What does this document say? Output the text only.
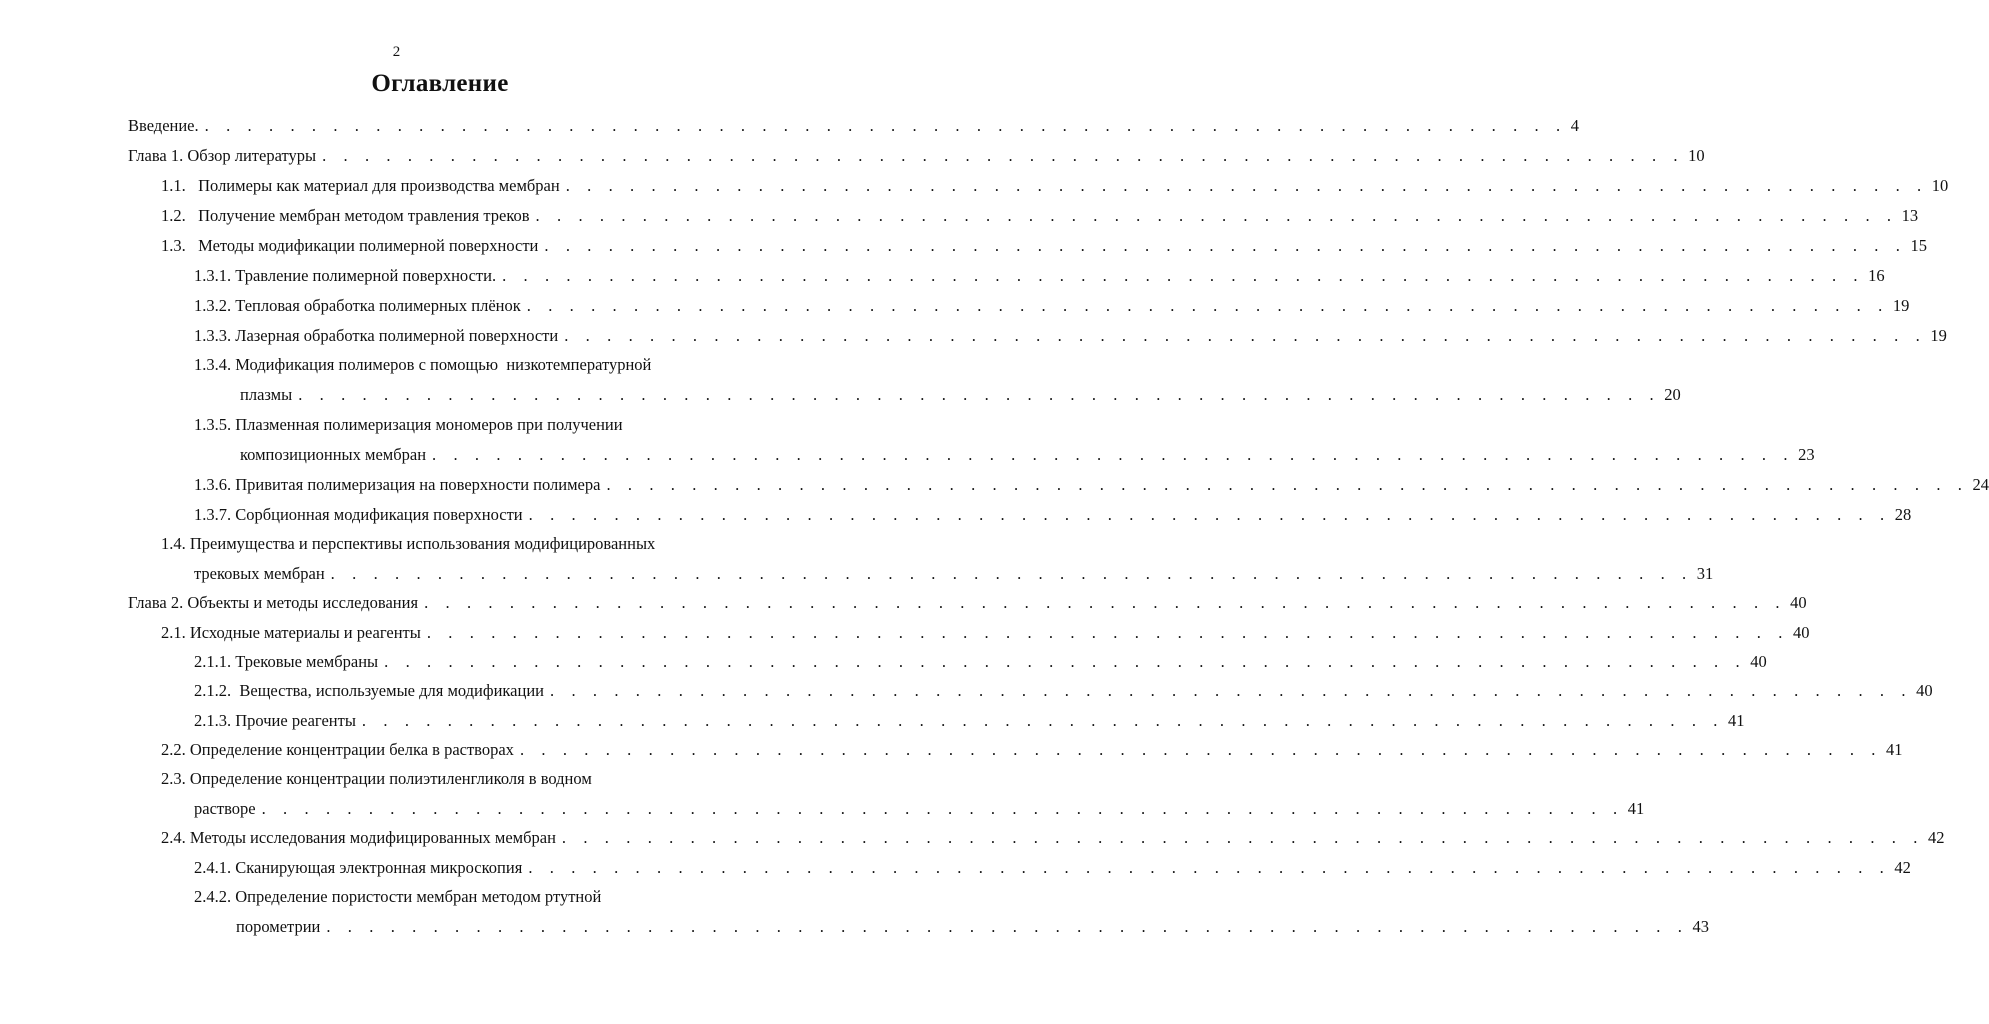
2
Оглавление
Введение. . . . . . . . . . . . . . . . . . . . . . . . . . . . . . . . . . . . . . . . . . . . . . . . . . . . . . . . . . . . . . . . . 4
Глава 1. Обзор литературы . . . . . . . . . . . . . . . . . . . . . . . . . . . . . . . . . . . . . . . . . . . . . . . . . . . . . . . . . . . . . . . . 10
1.1.   Полимеры как материал для производства мембран . . . . . . . . . . . . . . . . . . . . . . . . . . . . . . . . . . . . . . . . . . . . . . . . . . . . . . . . . . . . . . . . 10
1.2.   Получение мембран методом травления треков . . . . . . . . . . . . . . . . . . . . . . . . . . . . . . . . . . . . . . . . . . . . . . . . . . . . . . . . . . . . . . . . 13
1.3.   Методы модификации полимерной поверхности . . . . . . . . . . . . . . . . . . . . . . . . . . . . . . . . . . . . . . . . . . . . . . . . . . . . . . . . . . . . . . . . 15
1.3.1. Травление полимерной поверхности. . . . . . . . . . . . . . . . . . . . . . . . . . . . . . . . . . . . . . . . . . . . . . . . . . . . . . . . . . . . . . . . . 16
1.3.2. Тепловая обработка полимерных плёнок . . . . . . . . . . . . . . . . . . . . . . . . . . . . . . . . . . . . . . . . . . . . . . . . . . . . . . . . . . . . . . . . 19
1.3.3. Лазерная обработка полимерной поверхности . . . . . . . . . . . . . . . . . . . . . . . . . . . . . . . . . . . . . . . . . . . . . . . . . . . . . . . . . . . . . . . . 19
1.3.4. Модификация полимеров с помощью  низкотемпературной
плазмы . . . . . . . . . . . . . . . . . . . . . . . . . . . . . . . . . . . . . . . . . . . . . . . . . . . . . . . . . . . . . . . . 20
1.3.5. Плазменная полимеризация мономеров при получении
композиционных мембран . . . . . . . . . . . . . . . . . . . . . . . . . . . . . . . . . . . . . . . . . . . . . . . . . . . . . . . . . . . . . . . . 23
1.3.6. Привитая полимеризация на поверхности полимера . . . . . . . . . . . . . . . . . . . . . . . . . . . . . . . . . . . . . . . . . . . . . . . . . . . . . . . . . . . . . . . . 24
1.3.7. Сорбционная модификация поверхности . . . . . . . . . . . . . . . . . . . . . . . . . . . . . . . . . . . . . . . . . . . . . . . . . . . . . . . . . . . . . . . . 28
1.4. Преимущества и перспективы использования модифицированных
трековых мембран . . . . . . . . . . . . . . . . . . . . . . . . . . . . . . . . . . . . . . . . . . . . . . . . . . . . . . . . . . . . . . . . 31
Глава 2. Объекты и методы исследования . . . . . . . . . . . . . . . . . . . . . . . . . . . . . . . . . . . . . . . . . . . . . . . . . . . . . . . . . . . . . . . . 40
2.1. Исходные материалы и реагенты . . . . . . . . . . . . . . . . . . . . . . . . . . . . . . . . . . . . . . . . . . . . . . . . . . . . . . . . . . . . . . . . 40
2.1.1. Трековые мембраны . . . . . . . . . . . . . . . . . . . . . . . . . . . . . . . . . . . . . . . . . . . . . . . . . . . . . . . . . . . . . . . . 40
2.1.2.  Вещества, используемые для модификации . . . . . . . . . . . . . . . . . . . . . . . . . . . . . . . . . . . . . . . . . . . . . . . . . . . . . . . . . . . . . . . . 40
2.1.3. Прочие реагенты . . . . . . . . . . . . . . . . . . . . . . . . . . . . . . . . . . . . . . . . . . . . . . . . . . . . . . . . . . . . . . . . 41
2.2. Определение концентрации белка в растворах . . . . . . . . . . . . . . . . . . . . . . . . . . . . . . . . . . . . . . . . . . . . . . . . . . . . . . . . . . . . . . . . 41
2.3. Определение концентрации полиэтиленгликоля в водном
растворе . . . . . . . . . . . . . . . . . . . . . . . . . . . . . . . . . . . . . . . . . . . . . . . . . . . . . . . . . . . . . . . . 41
2.4. Методы исследования модифицированных мембран . . . . . . . . . . . . . . . . . . . . . . . . . . . . . . . . . . . . . . . . . . . . . . . . . . . . . . . . . . . . . . . . 42
2.4.1. Сканирующая электронная микроскопия . . . . . . . . . . . . . . . . . . . . . . . . . . . . . . . . . . . . . . . . . . . . . . . . . . . . . . . . . . . . . . . . 42
2.4.2. Определение пористости мембран методом ртутной
порометрии . . . . . . . . . . . . . . . . . . . . . . . . . . . . . . . . . . . . . . . . . . . . . . . . . . . . . . . . . . . . . . . . 43
